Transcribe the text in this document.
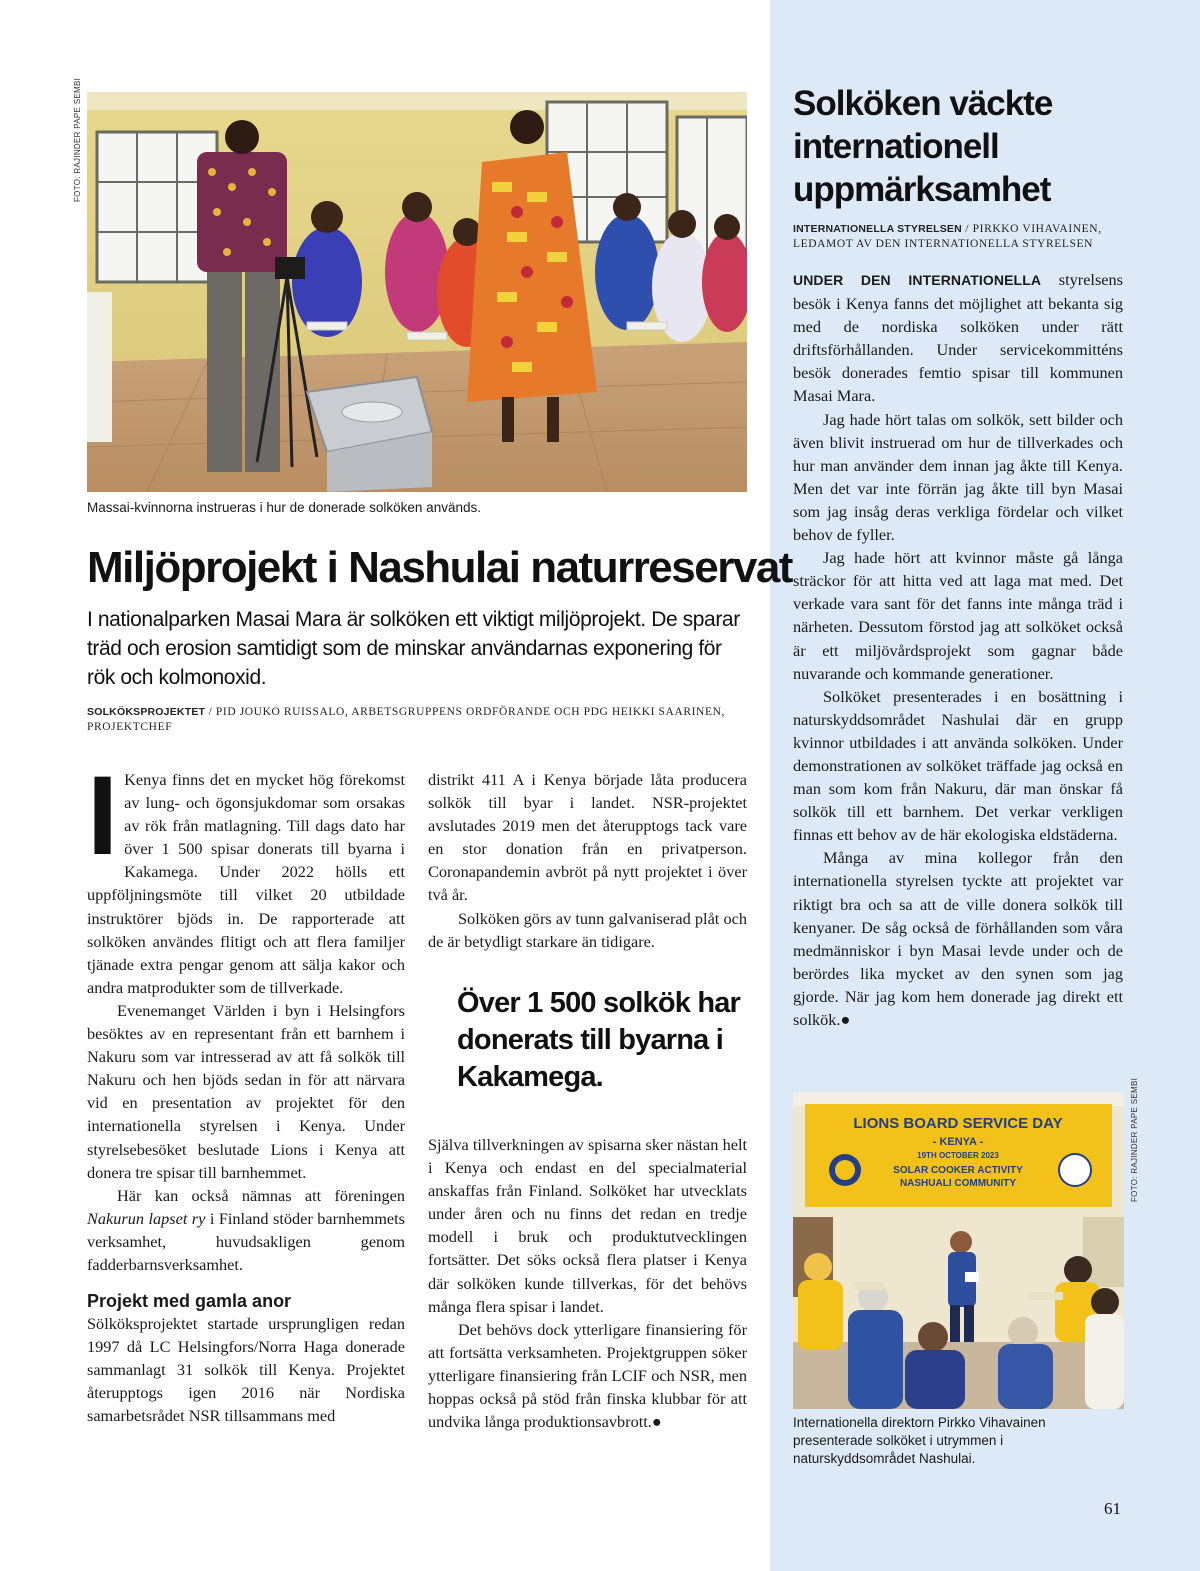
FOTO: RAJINDER PAPE SEMBI
Massai-kvinnorna instrueras i hur de donerade solköken används.
Miljöprojekt i Nashulai naturreservat

I nationalparken Masai Mara är solköken ett viktigt miljöprojekt. De sparar träd och erosion samtidigt som de minskar användarnas exponering för rök och kolmonoxid.

SOLKÖKSPROJEKTET / PID JOUKO RUISSALO, ARBETSGRUPPENS ORDFÖRANDE OCH PDG HEIKKI SAARINEN, PROJEKTCHEF

I Kenya finns det en mycket hög förekomst av lung- och ögonsjukdomar som orsakas av rök från matlagning. Till dags dato har över 1 500 spisar donerats till byarna i Kakamega. Under 2022 hölls ett uppföljningsmöte till vilket 20 utbildade instruktörer bjöds in. De rapporterade att solköken användes flitigt och att flera familjer tjänade extra pengar genom att sälja kakor och andra matprodukter som de tillverkade.

Evenemanget Världen i byn i Helsingfors besöktes av en representant från ett barnhem i Nakuru som var intresserad av att få solkök till Nakuru och hen bjöds sedan in för att närvara vid en presentation av projektet för den internationella styrelsen i Kenya. Under styrelsebesöket beslutade Lions i Kenya att donera tre spisar till barnhemmet.

Här kan också nämnas att föreningen Nakurun lapset ry i Finland stöder barnhemmets verksamhet, huvudsakligen genom fadderbarnsverksamhet.

Projekt med gamla anor

Sölköksprojektet startade ursprungligen redan 1997 då LC Helsingfors/Norra Haga donerade sammanlagt 31 solkök till Kenya. Projektet återupptogs igen 2016 när Nordiska samarbetsrådet NSR tillsammans med

distrikt 411 A i Kenya började låta producera solkök till byar i landet. NSR-projektet avslutades 2019 men det återupptogs tack vare en stor donation från en privatperson. Coronapandemin avbröt på nytt projektet i över två år.

Solköken görs av tunn galvaniserad plåt och de är betydligt starkare än tidigare.

Över 1 500 solkök har donerats till byarna i Kakamega.

Själva tillverkningen av spisarna sker nästan helt i Kenya och endast en del specialmaterial anskaffas från Finland. Solköket har utvecklats under åren och nu finns det redan en tredje modell i bruk och produktutvecklingen fortsätter. Det söks också flera platser i Kenya där solköken kunde tillverkas, för det behövs många flera spisar i landet.

Det behövs dock ytterligare finansiering för att fortsätta verksamheten. Projektgruppen söker ytterligare finansiering från LCIF och NSR, men hoppas också på stöd från finska klubbar för att undvika långa produktionsavbrott.●

Solköken väckte internationell uppmärksamhet
INTERNATIONELLA STYRELSEN / PIRKKO VIHAVAINEN, LEDAMOT AV DEN INTERNATIONELLA STYRELSEN

UNDER DEN INTERNATIONELLA styrelsens besök i Kenya fanns det möjlighet att bekanta sig med de nordiska solköken under rätt driftsförhållanden. Under servicekommitténs besök donerades femtio spisar till kommunen Masai Mara.

Jag hade hört talas om solkök, sett bilder och även blivit instruerad om hur de tillverkades och hur man använder dem innan jag åkte till Kenya. Men det var inte förrän jag åkte till byn Masai som jag insåg deras verkliga fördelar och vilket behov de fyller.

Jag hade hört att kvinnor måste gå långa sträckor för att hitta ved att laga mat med. Det verkade vara sant för det fanns inte många träd i närheten. Dessutom förstod jag att solköket också är ett miljövårdsprojekt som gagnar både nuvarande och kommande generationer.

Solköket presenterades i en bosättning i naturskyddsområdet Nashulai där en grupp kvinnor utbildades i att använda solköken. Under demonstrationen av solköket träffade jag också en man som kom från Nakuru, där man önskar få solkök till ett barnhem. Det verkar verkligen finnas ett behov av de här ekologiska eldstäderna.

Många av mina kollegor från den internationella styrelsen tyckte att projektet var riktigt bra och sa att de ville donera solkök till kenyaner. De såg också de förhållanden som våra medmänniskor i byn Masai levde under och de berördes lika mycket av den synen som jag gjorde. När jag kom hem donerade jag direkt ett solkök.●

FOTO: RAJINDER PAPE SEMBI
LIONS BOARD SERVICE DAY
- KENYA -
19TH OCTOBER 2023
SOLAR COOKER ACTIVITY
NASHUALI COMMUNITY
Internationella direktorn Pirkko Vihavainen presenterade solköket i utrymmen i naturskyddsområdet Nashulai.
61
